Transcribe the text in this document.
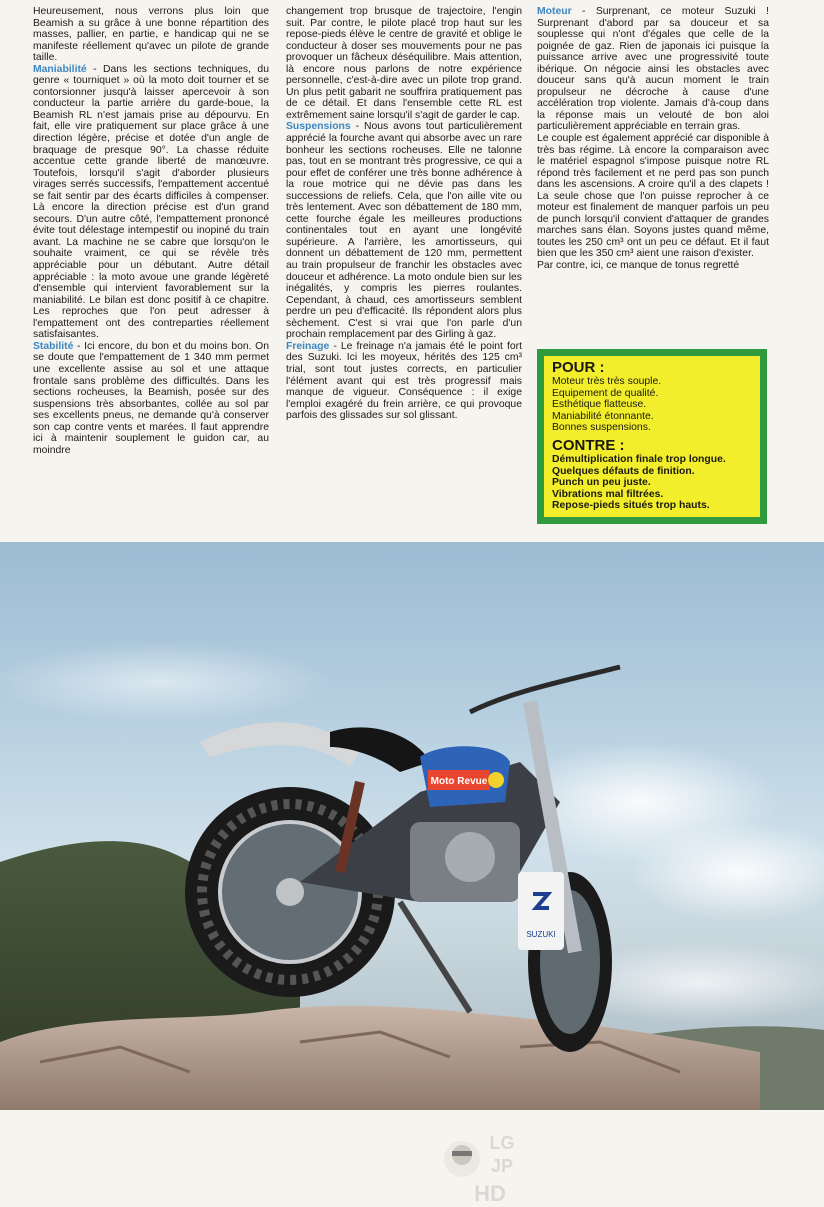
Heureusement, nous verrons plus loin que Beamish a su grâce à une bonne répartition des masses, pallier, en partie, e handicap qui ne se manifeste réellement qu'avec un pilote de grande taille.

Maniabilité - Dans les sections techniques, du genre « tourniquet » où la moto doit tourner et se contorsionner jusqu'à laisser apercevoir à son conducteur la partie arrière du garde-boue, la Beamish RL n'est jamais prise au dépourvu. En fait, elle vire pratiquement sur place grâce à une direction légère, précise et dotée d'un angle de braquage de presque 90°. La chasse réduite accentue cette grande liberté de manœuvre. Toutefois, lorsqu'il s'agit d'aborder plusieurs virages serrés successifs, l'empattement accentué se fait sentir par des écarts difficiles à compenser. Là encore la direction précise est d'un grand secours. D'un autre côté, l'empattement prononcé évite tout délestage intempestif ou inopiné du train avant. La machine ne se cabre que lorsqu'on le souhaite vraiment, ce qui se révèle très appréciable pour un débutant. Autre détail appréciable : la moto avoue une grande légèreté d'ensemble qui intervient favorablement sur la maniabilité. Le bilan est donc positif à ce chapitre. Les reproches que l'on peut adresser à l'empattement ont des contreparties réellement satisfaisantes.

Stabilité - Ici encore, du bon et du moins bon. On se doute que l'empattement de 1 340 mm permet une excellente assise au sol et une attaque frontale sans problème des difficultés. Dans les sections rocheuses, la Beamish, posée sur des suspensions très absorbantes, collée au sol par ses excellents pneus, ne demande qu'à conserver son cap contre vents et marées. Il faut apprendre ici à maintenir souplement le guidon car, au moindre

changement trop brusque de trajectoire, l'engin suit. Par contre, le pilote placé trop haut sur les repose-pieds élève le centre de gravité et oblige le conducteur à doser ses mouvements pour ne pas provoquer un fâcheux déséquilibre. Mais attention, là encore nous parlons de notre expérience personnelle, c'est-à-dire avec un pilote trop grand. Un plus petit gabarit ne souffrira pratiquement pas de ce détail. Et dans l'ensemble cette RL est extrêmement saine lorsqu'il s'agit de garder le cap.

Suspensions - Nous avons tout particulièrement apprécié la fourche avant qui absorbe avec un rare bonheur les sections rocheuses. Elle ne talonne pas, tout en se montrant très progressive, ce qui a pour effet de conférer une très bonne adhérence à la roue motrice qui ne dévie pas dans les successions de reliefs. Cela, que l'on aille vite ou très lentement. Avec son débattement de 180 mm, cette fourche égale les meilleures productions continentales tout en ayant une longévité supérieure. A l'arrière, les amortisseurs, qui donnent un débattement de 120 mm, permettent au train propulseur de franchir les obstacles avec douceur et adhérence. La moto ondule bien sur les inégalités, y compris les pierres roulantes. Cependant, à chaud, ces amortisseurs semblent perdre un peu d'efficacité. Ils répondent alors plus sèchement. C'est si vrai que l'on parle d'un prochain remplacement par des Girling à gaz.

Freinage - Le freinage n'a jamais été le point fort des Suzuki. Ici les moyeux, hérités des 125 cm³ trial, sont tout justes corrects, en particulier l'élément avant qui est très progressif mais manque de vigueur. Conséquence : il exige l'emploi exagéré du frein arrière, ce qui provoque parfois des glissades sur sol glissant.

Moteur - Surprenant, ce moteur Suzuki ! Surprenant d'abord par sa douceur et sa souplesse qui n'ont d'égales que celle de la poignée de gaz. Rien de japonais ici puisque la puissance arrive avec une progressivité toute ibérique. On négocie ainsi les obstacles avec douceur sans qu'à aucun moment le train propulseur ne décroche à cause d'une accélération trop violente. Jamais d'à-coup dans la réponse mais un velouté de bon aloi particulièrement appréciable en terrain gras.

Le couple est également apprécié car disponible à très bas régime. Là encore la comparaison avec le matériel espagnol s'impose puisque notre RL répond très facilement et ne perd pas son punch dans les ascensions. A croire qu'il a des clapets ! La seule chose que l'on puisse reprocher à ce moteur est finalement de manquer parfois un peu de punch lorsqu'il convient d'attaquer de grandes marches sans élan. Soyons justes quand même, toutes les 250 cm³ ont un peu ce défaut. Et il faut bien que les 350 cm³ aient une raison d'exister.

Par contre, ici, ce manque de tonus regretté

POUR :
Moteur très très souple.
Equipement de qualité.
Esthétique flatteuse.
Maniabilité étonnante.
Bonnes suspensions.
CONTRE :
Démultiplication finale trop longue.
Quelques défauts de finition.
Punch un peu juste.
Vibrations mal filtrées.
Repose-pieds situés trop hauts.
Moto Revue
SUZUKI
LG
JP
HD
